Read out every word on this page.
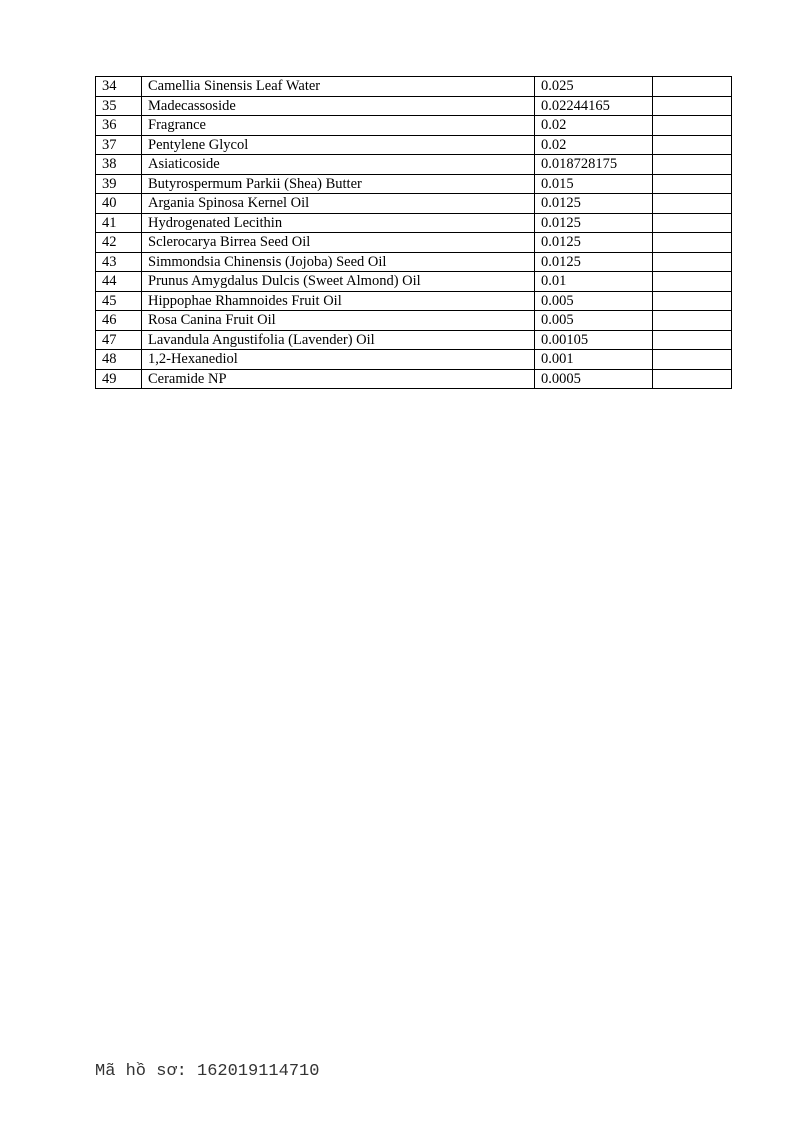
34	Camellia Sinensis Leaf Water	0.025	
35	Madecassoside	0.02244165	
36	Fragrance	0.02	
37	Pentylene Glycol	0.02	
38	Asiaticoside	0.018728175	
39	Butyrospermum Parkii (Shea) Butter	0.015	
40	Argania Spinosa Kernel Oil	0.0125	
41	Hydrogenated Lecithin	0.0125	
42	Sclerocarya Birrea Seed Oil	0.0125	
43	Simmondsia Chinensis (Jojoba) Seed Oil	0.0125	
44	Prunus Amygdalus Dulcis (Sweet Almond) Oil	0.01	
45	Hippophae Rhamnoides Fruit Oil	0.005	
46	Rosa Canina Fruit Oil	0.005	
47	Lavandula Angustifolia (Lavender) Oil	0.00105	
48	1,2-Hexanediol	0.001	
49	Ceramide NP	0.0005	
Mã hồ sơ: 162019114710
